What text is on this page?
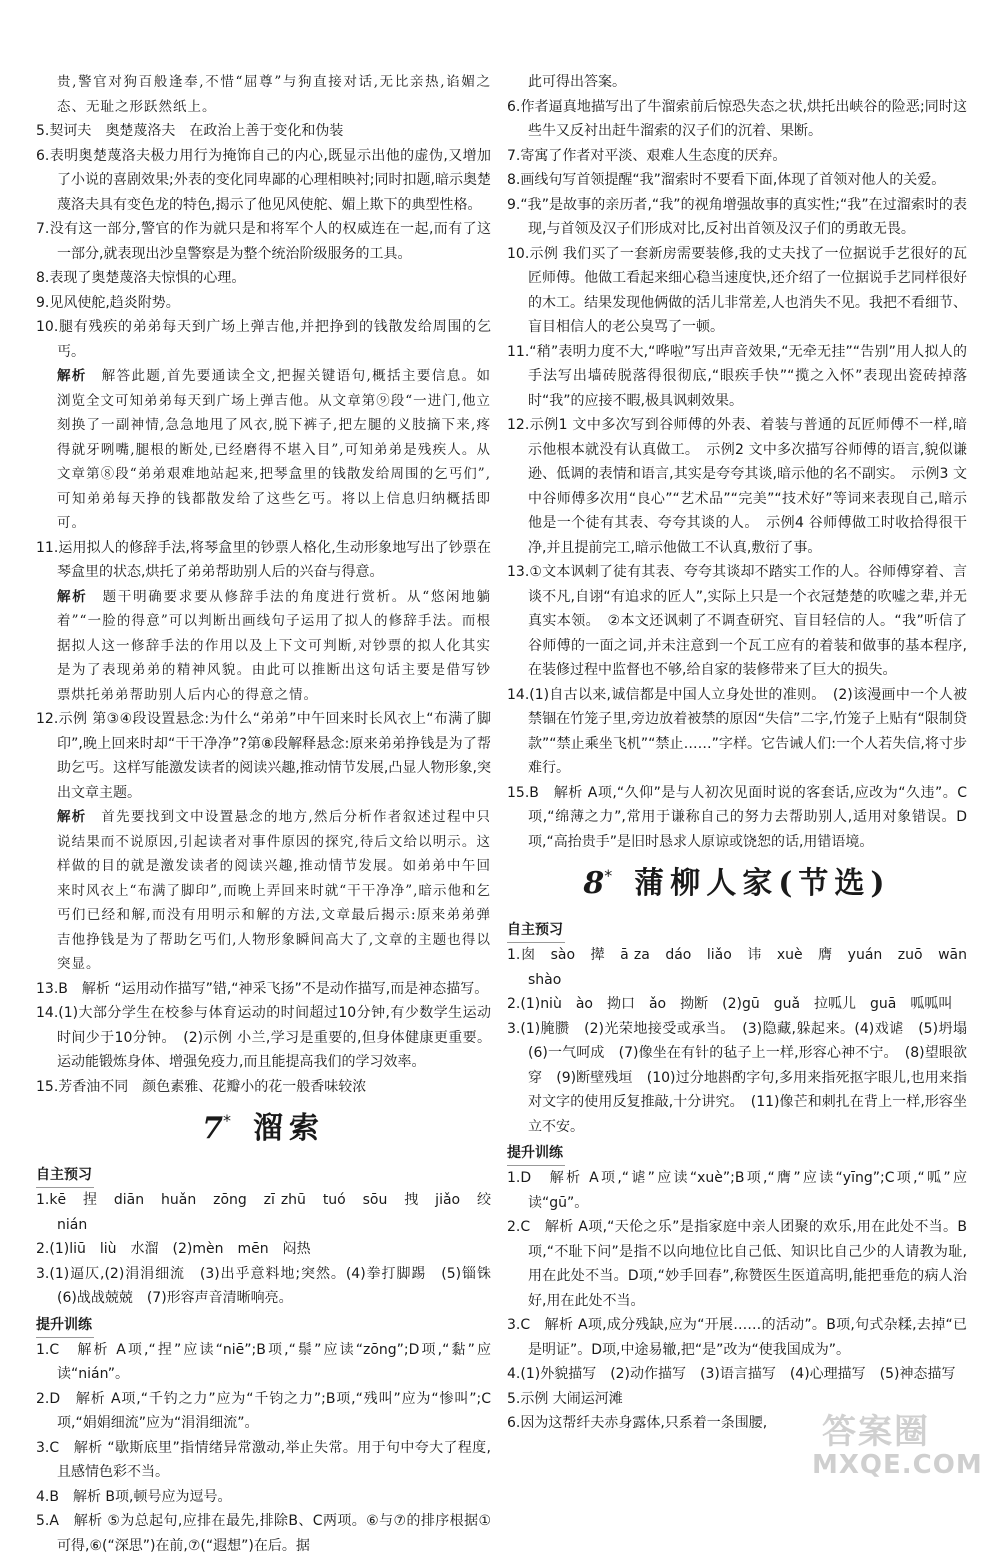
贵,警官对狗百般逢奉,不惜“屈尊”与狗直接对话,无比亲热,谄媚之态、无耻之形跃然纸上。

5.契诃夫　奥楚蔑洛夫　在政治上善于变化和伪装

6.表明奥楚蔑洛夫极力用行为掩饰自己的内心,既显示出他的虚伪,又增加了小说的喜剧效果;外表的变化同卑鄙的心理相映衬;同时扣题,暗示奥楚蔑洛夫具有变色龙的特色,揭示了他见风使舵、媚上欺下的典型性格。

7.没有这一部分,警官的作为就只是和将军个人的权威连在一起,而有了这一部分,就表现出沙皇警察是为整个统治阶级服务的工具。

8.表现了奥楚蔑洛夫惊惧的心理。

9.见风使舵,趋炎附势。

10.腿有残疾的弟弟每天到广场上弹吉他,并把挣到的钱散发给周围的乞丐。

解析　 解答此题,首先要通读全文,把握关键语句,概括主要信息。如浏览全文可知弟弟每天到广场上弹吉他。从文章第⑨段“一进门,他立刻换了一副神情,急急地甩了风衣,脱下裤子,把左腿的义肢摘下来,疼得就牙咧嘴,腿根的断处,已经磨得不堪入目”,可知弟弟是残疾人。从文章第⑧段“弟弟艰难地站起来,把琴盒里的钱散发给周围的乞丐们”,可知弟弟每天挣的钱都散发给了这些乞丐。将以上信息归纳概括即可。

11.运用拟人的修辞手法,将琴盒里的钞票人格化,生动形象地写出了钞票在琴盒里的状态,烘托了弟弟帮助别人后的兴奋与得意。

解析　 题干明确要求要从修辞手法的角度进行赏析。从“悠闲地躺着”“一脸的得意”可以判断出画线句子运用了拟人的修辞手法。而根据拟人这一修辞手法的作用以及上下文可判断,对钞票的拟人化其实是为了表现弟弟的精神风貌。由此可以推断出这句话主要是借写钞票烘托弟弟帮助别人后内心的得意之情。

12.示例 第③④段设置悬念:为什么“弟弟”中午回来时长风衣上“布满了脚印”,晚上回来时却“干干净净”?第⑧段解释悬念:原来弟弟挣钱是为了帮助乞丐。这样写能激发读者的阅读兴趣,推动情节发展,凸显人物形象,突出文章主题。

解析　 首先要找到文中设置悬念的地方,然后分析作者叙述过程中只说结果而不说原因,引起读者对事件原因的探究,待后文给以明示。这样做的目的就是激发读者的阅读兴趣,推动情节发展。如弟弟中午回来时风衣上“布满了脚印”,而晚上弄回来时就“干干净净”,暗示他和乞丐们已经和解,而没有用明示和解的方法,文章最后揭示:原来弟弟弹吉他挣钱是为了帮助乞丐们,人物形象瞬间高大了,文章的主题也得以突显。

13.B　解析 “运用动作描写”错,“神采飞扬”不是动作描写,而是神态描写。

14.(1)大部分学生在校参与体育运动的时间超过10分钟,有少数学生运动时间少于10分钟。　(2)示例 小兰,学习是重要的,但身体健康更重要。运动能锻炼身体、增强免疫力,而且能提高我们的学习效率。

15.芳香油不同　颜色素雅、花瓣小的花一般香味较浓

7* 溜索
自主预习

1.kē　捏　diān　huǎn　zōng　zī zhū　tuó　sōu　拽　jiǎo　绞　nián

2.(1)liū　liù　水溜　(2)mèn　mēn　闷热

3.(1)逼仄,(2)涓涓细流　(3)出乎意料地;突然。(4)拳打脚踢　(5)锱铢　(6)战战兢兢　(7)形容声音清晰响亮。

提升训练

1.C　解析 A项,“捏”应读“niē”;B项,“鬃”应读“zōng”;D项,“黏”应读“nián”。

2.D　解析 A项,“千钓之力”应为“千钧之力”;B项,“残叫”应为“惨叫”;C项,“娟娟细流”应为“涓涓细流”。

3.C　解析 “歇斯底里”指情绪异常激动,举止失常。用于句中夸大了程度,且感情色彩不当。

4.B　解析 B项,顿号应为逗号。

5.A　解析 ⑤为总起句,应排在最先,排除B、C两项。⑥与⑦的排序根据①可得,⑥(“深思”)在前,⑦(“遐想”)在后。据

此可得出答案。

6.作者逼真地描写出了牛溜索前后惊恐失态之状,烘托出峡谷的险恶;同时这些牛又反衬出赶牛溜索的汉子们的沉着、果断。

7.寄寓了作者对平淡、艰难人生态度的厌弃。

8.画线句写首领提醒“我”溜索时不要看下面,体现了首领对他人的关爱。

9.“我”是故事的亲历者,“我”的视角增强故事的真实性;“我”在过溜索时的表现,与首领及汉子们形成对比,反衬出首领及汉子们的勇敢无畏。

10.示例 我们买了一套新房需要装修,我的丈夫找了一位据说手艺很好的瓦匠师傅。他做工看起来细心稳当速度快,还介绍了一位据说手艺同样很好的木工。结果发现他俩做的活儿非常差,人也消失不见。我把不看细节、盲目相信人的老公臭骂了一顿。

11.“稍”表明力度不大,“哗啦”写出声音效果,“无牵无挂”“告别”用人拟人的手法写出墙砖脱落得很彻底,“眼疾手快”“揽之入怀”表现出瓷砖掉落时“我”的应接不暇,极具讽刺效果。

12.示例1 文中多次写到谷师傅的外表、着装与普通的瓦匠师傅不一样,暗示他根本就没有认真做工。　示例2 文中多次描写谷师傅的语言,貌似谦逊、低调的表情和语言,其实是夸夸其谈,暗示他的名不副实。　示例3 文中谷师傅多次用“良心”“艺术品”“完美”“技术好”等词来表现自己,暗示他是一个徒有其表、夸夸其谈的人。　示例4 谷师傅做工时收拾得很干净,并且提前完工,暗示他做工不认真,敷衍了事。

13.①文本讽刺了徒有其表、夸夸其谈却不踏实工作的人。谷师傅穿着、言谈不凡,自诩“有追求的匠人”,实际上只是一个衣冠楚楚的吹嘘之辈,并无真实本领。　②本文还讽刺了不调查研究、盲目轻信的人。“我”听信了谷师傅的一面之词,并未注意到一个瓦工应有的着装和做事的基本程序,在装修过程中监督也不够,给自家的装修带来了巨大的损失。

14.(1)自古以来,诚信都是中国人立身处世的准则。　(2)该漫画中一个人被禁锢在竹笼子里,旁边放着被禁的原因“失信”二字,竹笼子上贴有“限制贷款”“禁止乘坐飞机”“禁止……”字样。它告诫人们:一个人若失信,将寸步难行。

15.B　解析 A项,“久仰”是与人初次见面时说的客套话,应改为“久违”。C项,“绵薄之力”,常用于谦称自己的努力去帮助别人,适用对象错误。D项,“高抬贵手”是旧时恳求人原谅或饶恕的话,用错语境。

8* 蒲柳人家(节选)
自主预习

1.囱　sào　撵　ā za　dáo　liǎo　讳　xuè　膺　yuán　zuō　wān　shào

2.(1)niù　ào　拗口　ǎo　拗断　(2)gū　guǎ　拉呱儿　guā　呱呱叫

3.(1)腌臜　(2)光荣地接受或承当。　(3)隐藏,躲起来。(4)戏谑　(5)坍塌　(6)一气呵成　(7)像坐在有针的毡子上一样,形容心神不宁。　(8)望眼欲穿　(9)断壁残垣　(10)过分地斟酌字句,多用来指死抠字眼儿,也用来指对文字的使用反复推敲,十分讲究。　(11)像芒和刺扎在背上一样,形容坐立不安。

提升训练

1.D　解析 A项,“谑”应读“xuè”;B项,“膺”应读“yīng”;C项,“呱”应读“gū”。

2.C　解析 A项,“天伦之乐”是指家庭中亲人团聚的欢乐,用在此处不当。B项,“不耻下问”是指不以向地位比自己低、知识比自己少的人请教为耻,用在此处不当。D项,“妙手回春”,称赞医生医道高明,能把垂危的病人治好,用在此处不当。

3.C　解析 A项,成分残缺,应为“开展……的活动”。B项,句式杂糅,去掉“已是明证”。D项,中途易辙,把“是”改为“使我国成为”。

4.(1)外貌描写　(2)动作描写　(3)语言描写　(4)心理描写　(5)神态描写

5.示例 大闹运河滩

6.因为这帮纤夫赤身露体,只系着一条围腰,	答案圈
MXQE.COM
